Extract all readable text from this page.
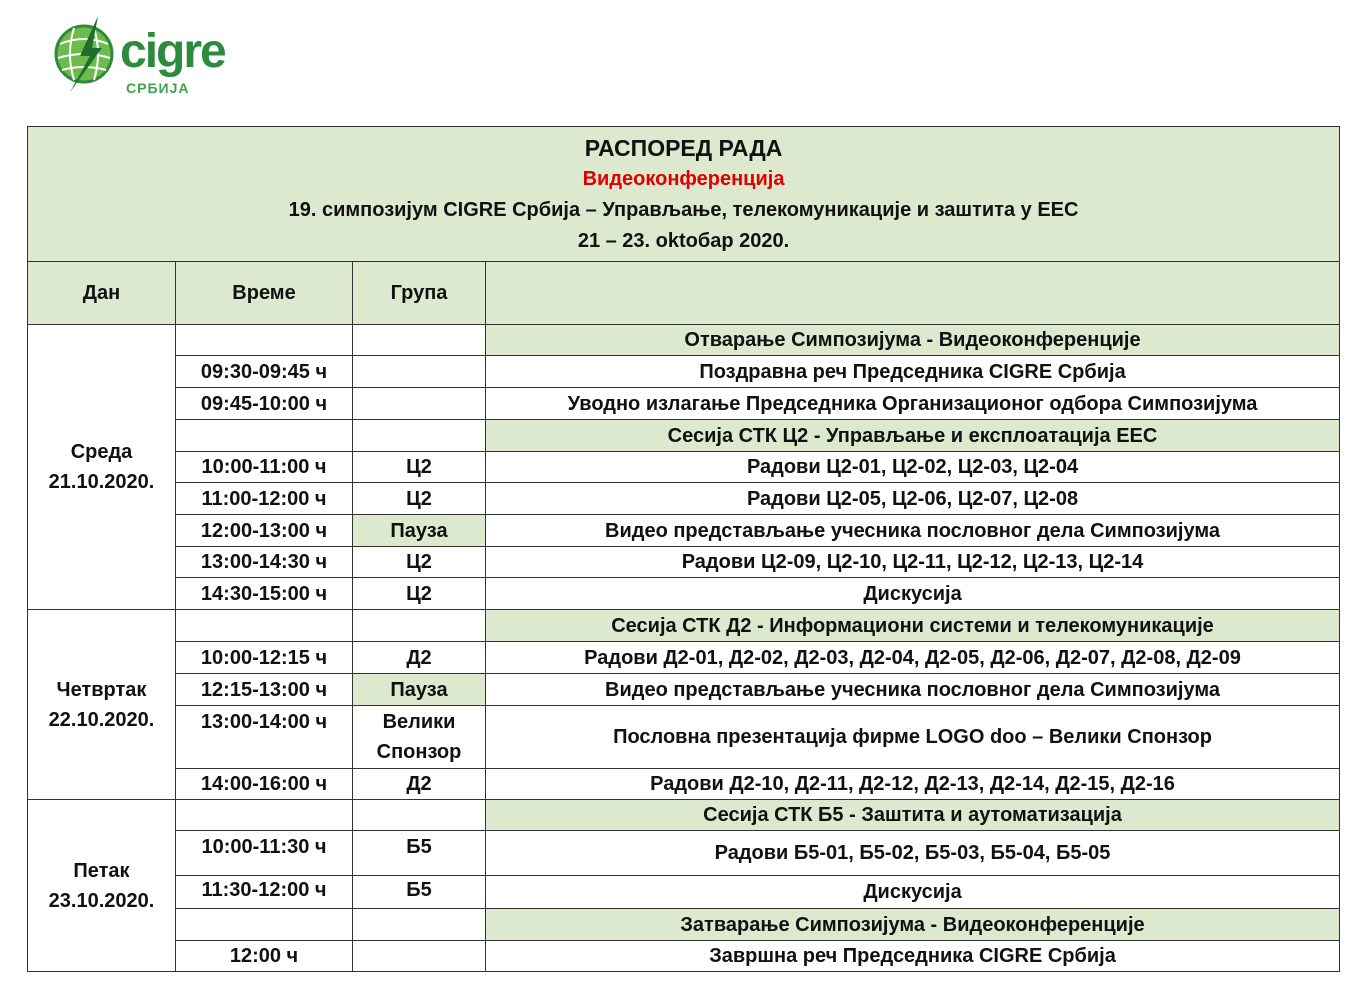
cigre
СРБИЈА
РАСПОРЕД РАДА
Видеоконференција
19. симпозијум CIGRE Србија – Управљање, телекомуникације и заштита у ЕЕС
21 – 23. oktобар 2020.			

Дан	Време	Група	
Среда
21.10.2020.			Отварање Симпозијума - Видеоконференције
	09:30-09:45 ч		Поздравна реч Председника CIGRE Србија
	09:45-10:00 ч		Уводно излагање Председника Организационог одбора Симпозијума
			Сесија СТК Ц2 - Управљање и експлоатација ЕЕС
	10:00-11:00 ч	Ц2	Радови Ц2-01, Ц2-02, Ц2-03, Ц2-04
	11:00-12:00 ч	Ц2	Радови Ц2-05, Ц2-06, Ц2-07, Ц2-08
	12:00-13:00 ч	Пауза	Видео представљање учесника пословног дела Симпозијума
	13:00-14:30 ч	Ц2	Радови Ц2-09, Ц2-10, Ц2-11, Ц2-12, Ц2-13, Ц2-14
	14:30-15:00 ч	Ц2	Дискусија
Четвртак
22.10.2020.			Сесија СТК Д2 - Информациони системи и телекомуникације
	10:00-12:15 ч	Д2	Радови Д2-01, Д2-02, Д2-03, Д2-04, Д2-05, Д2-06, Д2-07, Д2-08, Д2-09
	12:15-13:00 ч	Пауза	Видео представљање учесника пословног дела Симпозијума
	13:00-14:00 ч	Велики Спонзор	Пословна презентација фирме LOGO doo – Велики Спонзор
	14:00-16:00 ч	Д2	Радови Д2-10, Д2-11, Д2-12, Д2-13, Д2-14, Д2-15, Д2-16
Петак
23.10.2020.			Сесија СТК Б5 - Заштита и аутоматизација
	10:00-11:30 ч	Б5	Радови Б5-01, Б5-02, Б5-03, Б5-04, Б5-05
	11:30-12:00 ч	Б5	Дискусија
			Затварање Симпозијума - Видеоконференције
	12:00 ч		Завршна реч Председника CIGRE Србија
